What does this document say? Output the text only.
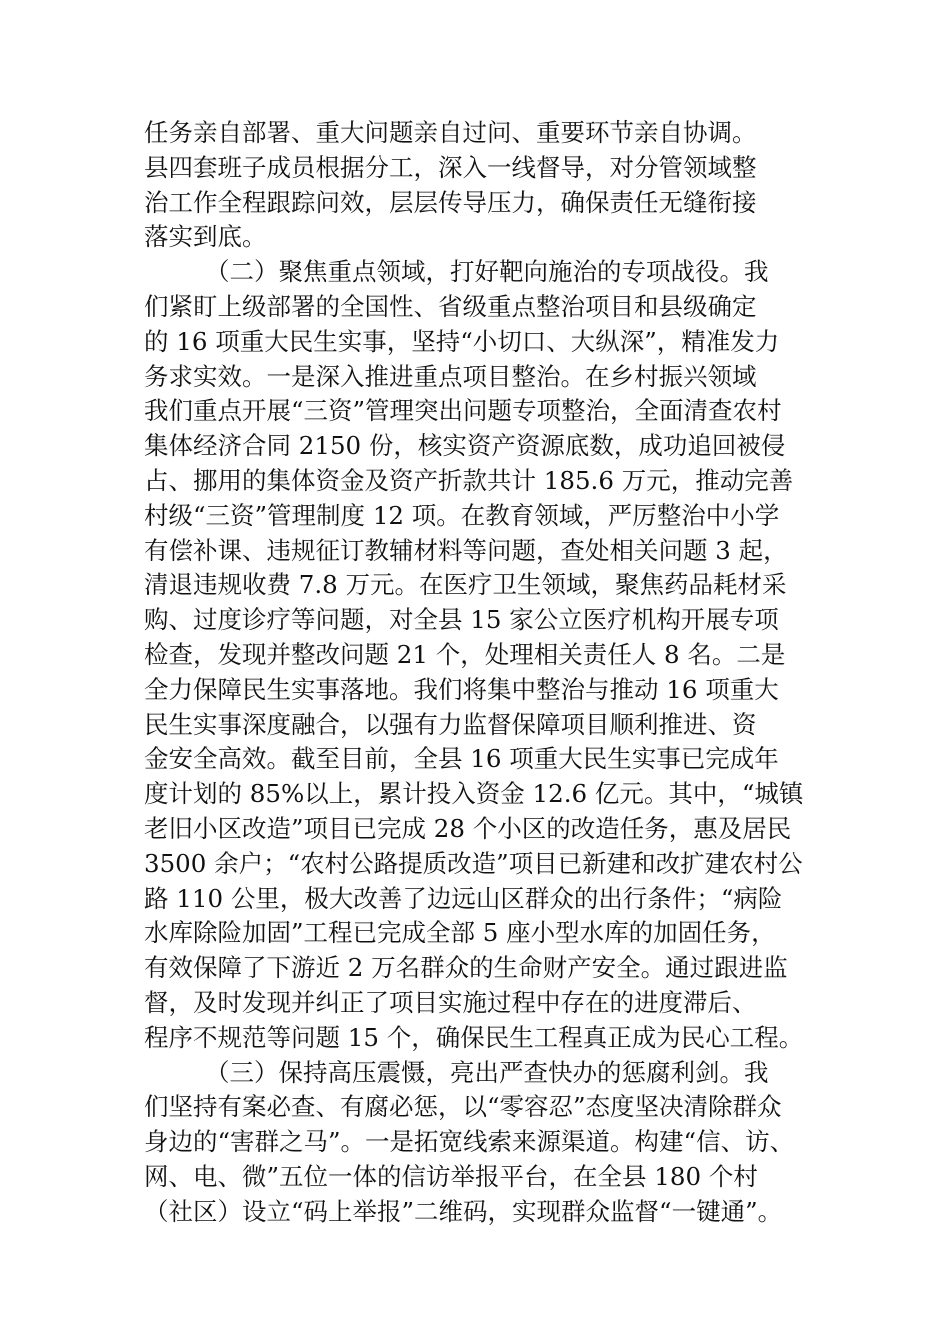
任务亲自部署、重大问题亲自过问、重要环节亲自协调。
县四套班子成员根据分工，深入一线督导，对分管领域整
治工作全程跟踪问效，层层传导压力，确保责任无缝衔接
落实到底。
（二）聚焦重点领域，打好靶向施治的专项战役。我
们紧盯上级部署的全国性、省级重点整治项目和县级确定
的 16 项重大民生实事，坚持“小切口、大纵深”，精准发力
务求实效。一是深入推进重点项目整治。在乡村振兴领域
我们重点开展“三资”管理突出问题专项整治，全面清查农村
集体经济合同 2150 份，核实资产资源底数，成功追回被侵
占、挪用的集体资金及资产折款共计 185.6 万元，推动完善
村级“三资”管理制度 12 项。在教育领域，严厉整治中小学
有偿补课、违规征订教辅材料等问题，查处相关问题 3 起，
清退违规收费 7.8 万元。在医疗卫生领域，聚焦药品耗材采
购、过度诊疗等问题，对全县 15 家公立医疗机构开展专项
检查，发现并整改问题 21 个，处理相关责任人 8 名。二是
全力保障民生实事落地。我们将集中整治与推动 16 项重大
民生实事深度融合，以强有力监督保障项目顺利推进、资
金安全高效。截至目前，全县 16 项重大民生实事已完成年
度计划的 85%以上，累计投入资金 12.6 亿元。其中，“城镇
老旧小区改造”项目已完成 28 个小区的改造任务，惠及居民
3500 余户；“农村公路提质改造”项目已新建和改扩建农村公
路 110 公里，极大改善了边远山区群众的出行条件；“病险
水库除险加固”工程已完成全部 5 座小型水库的加固任务，
有效保障了下游近 2 万名群众的生命财产安全。通过跟进监
督，及时发现并纠正了项目实施过程中存在的进度滞后、
程序不规范等问题 15 个，确保民生工程真正成为民心工程。
（三）保持高压震慑，亮出严查快办的惩腐利剑。我
们坚持有案必查、有腐必惩，以“零容忍”态度坚决清除群众
身边的“害群之马”。一是拓宽线索来源渠道。构建“信、访、
网、电、微”五位一体的信访举报平台，在全县 180 个村
（社区）设立“码上举报”二维码，实现群众监督“一键通”。
